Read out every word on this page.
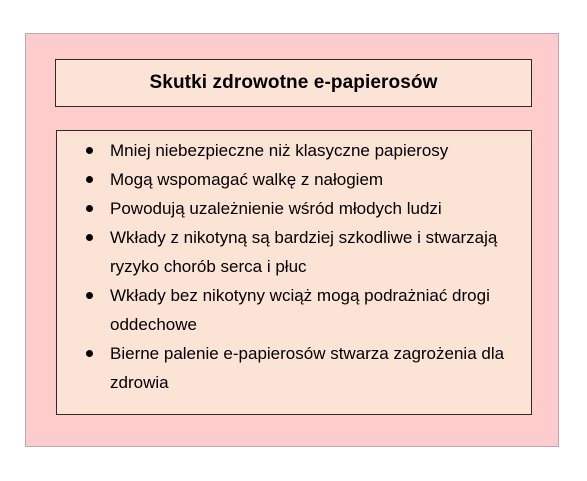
Skutki zdrowotne e-papierosów
Mniej niebezpieczne niż klasyczne papierosy
Mogą wspomagać walkę z nałogiem
Powodują uzależnienie wśród młodych ludzi
Wkłady z nikotyną są bardziej szkodliwe i stwarzają ryzyko chorób serca i płuc
Wkłady bez nikotyny wciąż mogą podrażniać drogi oddechowe
Bierne palenie e-papierosów stwarza zagrożenia dla zdrowia
